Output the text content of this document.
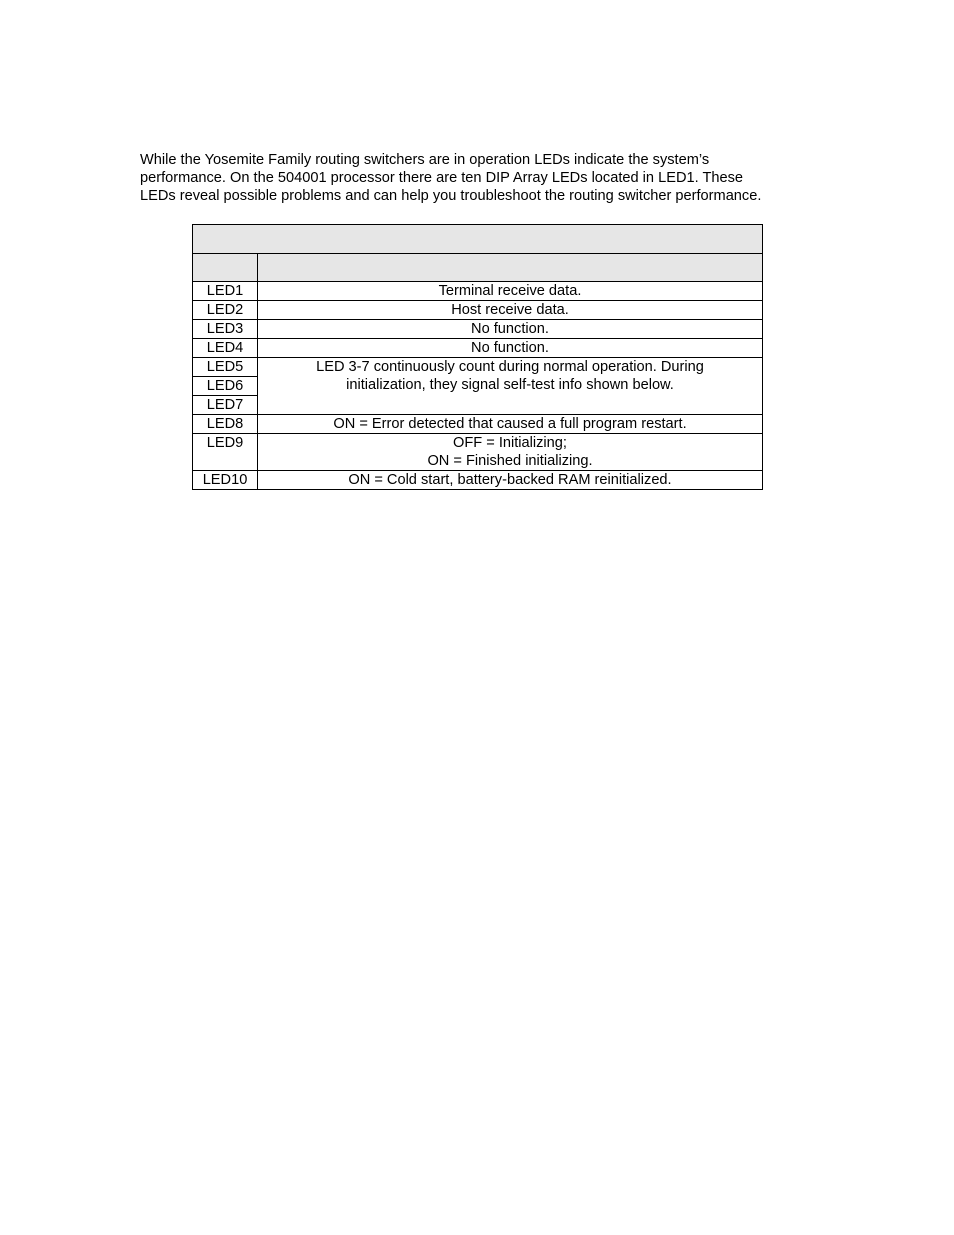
While the Yosemite Family routing switchers are in operation LEDs indicate the system’s
performance. On the 504001 processor there are ten DIP Array LEDs located in LED1. These
LEDs reveal possible problems and can help you troubleshoot the routing switcher performance.

LED1	Terminal receive data.
LED2	Host receive data.
LED3	No function.
LED4	No function.
LED5	LED 3-7 continuously count during normal operation. During initialization, they signal self-test info shown below.
LED6	
LED7	
LED8	ON = Error detected that caused a full program restart.
LED9	OFF = Initializing;
ON = Finished initializing.

LED10	ON = Cold start, battery-backed RAM reinitialized.
